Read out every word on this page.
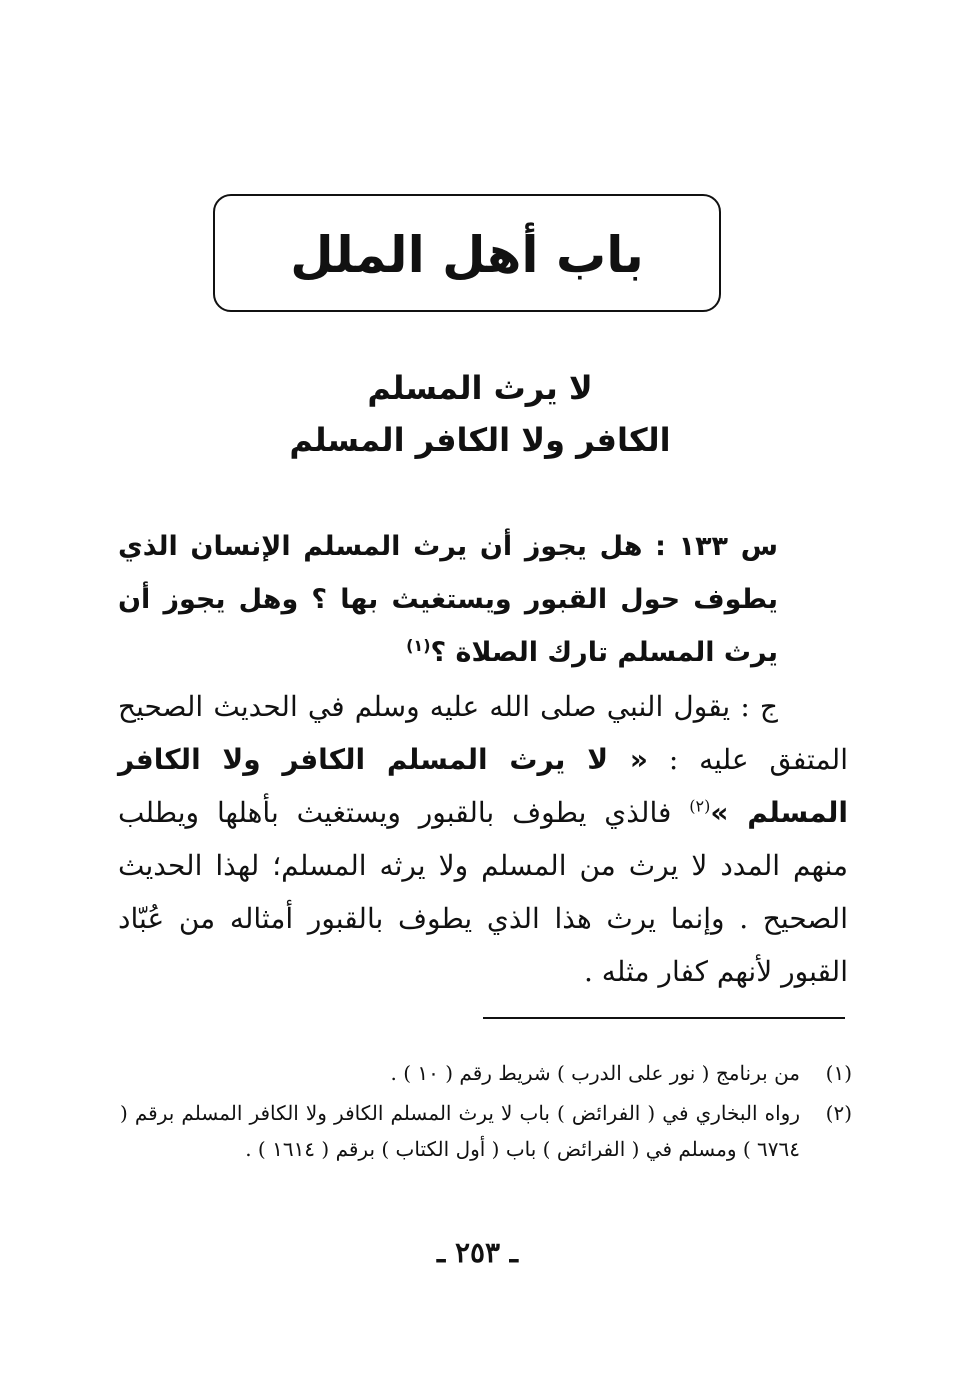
باب أهل الملل
لا يرث المسلم
الكافر ولا الكافر المسلم
س ١٣٣ : هل يجوز أن يرث المسلم الإنسان الذي يطوف حول القبور ويستغيث بها ؟ وهل يجوز أن يرث المسلم تارك الصلاة ؟$^{(١)}$
ج : يقول النبي صلى الله عليه وسلم في الحديث الصحيح المتفق عليه : « لا يرث المسلم الكافر ولا الكافر المسلم »$^{(٢)}$ فالذي يطوف بالقبور ويستغيث بأهلها ويطلب منهم المدد لا يرث من المسلم ولا يرثه المسلم؛ لهذا الحديث الصحيح . وإنما يرث هذا الذي يطوف بالقبور أمثاله من عُبّاد القبور لأنهم كفار مثله .
(١)
من برنامج ( نور على الدرب ) شريط رقم ( ١٠ ) .
(٢)
رواه البخاري في ( الفرائض ) باب لا يرث المسلم الكافر ولا الكافر المسلم برقم ( ٦٧٦٤ ) ومسلم في ( الفرائض ) باب ( أول الكتاب ) برقم ( ١٦١٤ ) .
ـ ٢٥٣ ـ
